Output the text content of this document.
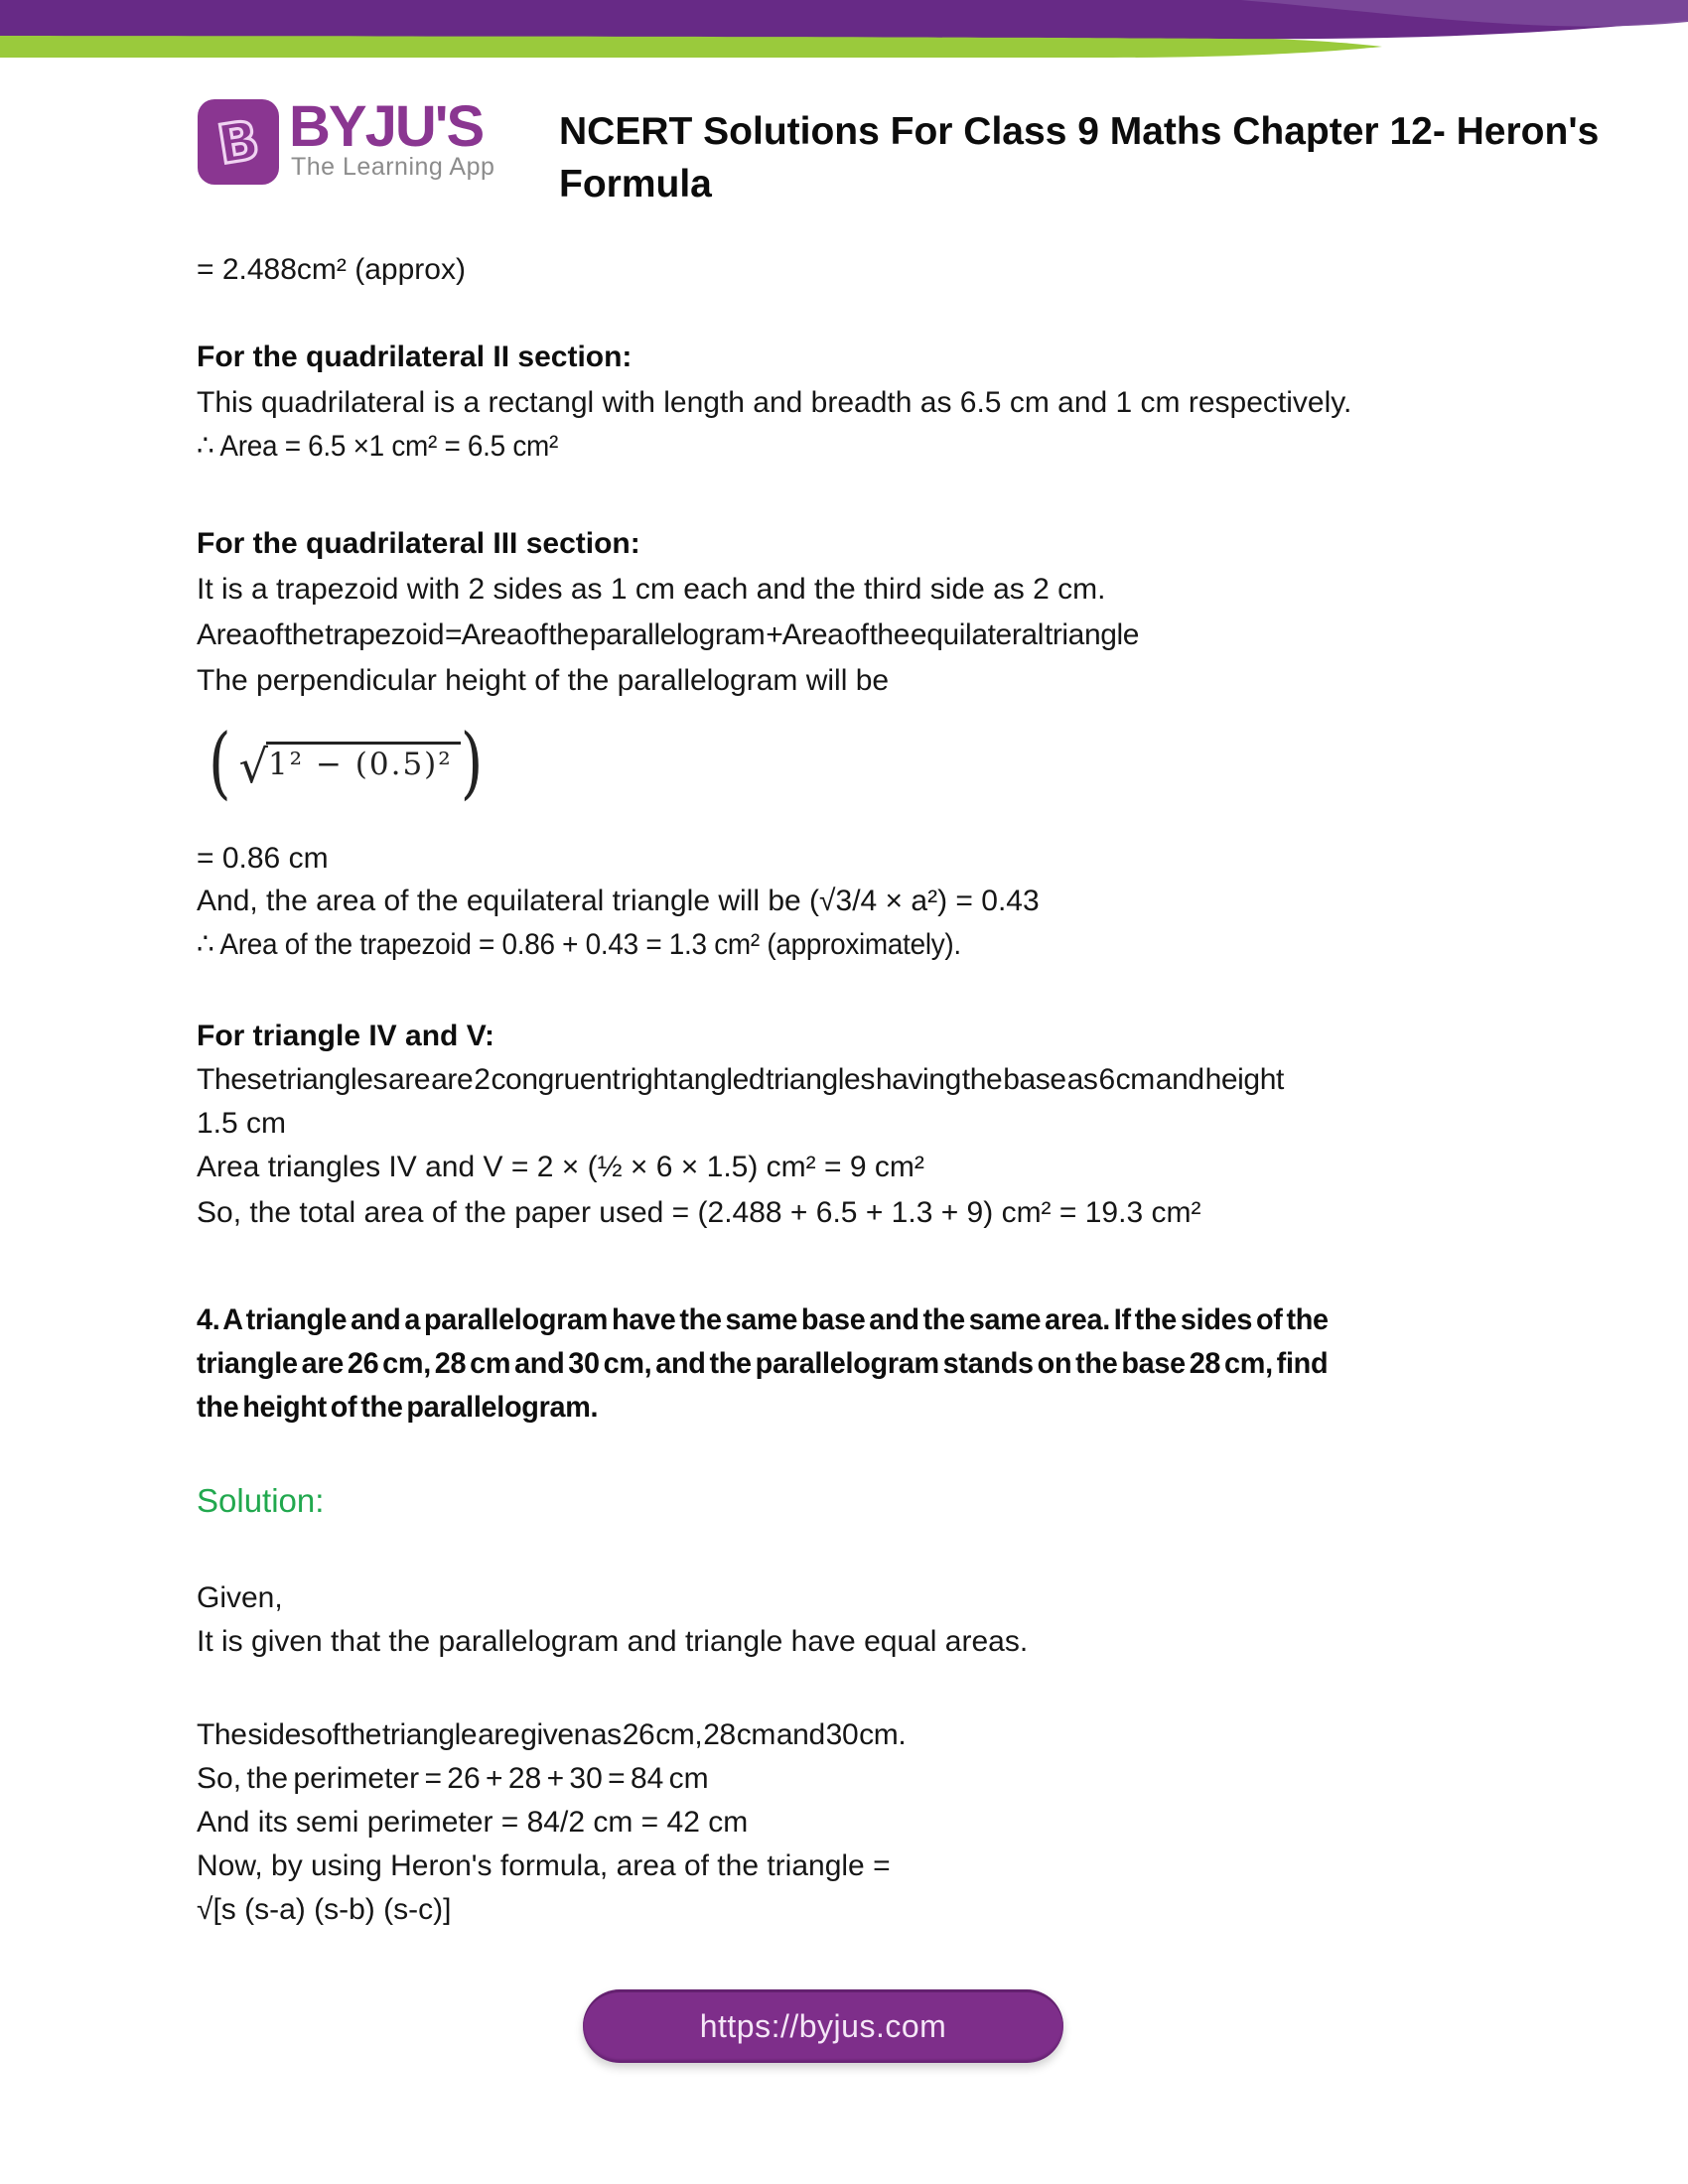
B BYJU'S
The Learning App
NCERT Solutions For Class 9 Maths Chapter 12- Heron's
Formula
= 2.488cm² (approx)
For the quadrilateral II section:
This quadrilateral is a rectangl with length and breadth as 6.5 cm and 1 cm respectively.
∴ Area = 6.5 ×1 cm² = 6.5 cm²
For the quadrilateral III section:
It is a trapezoid with 2 sides as 1 cm each and the third side as 2 cm.
Area of the trapezoid = Area of the parallelogram + Area of the equilateral triangle
The perpendicular height of the parallelogram will be
( √ 1² − (0.5)² )
= 0.86 cm
And, the area of the equilateral triangle will be (√3/4 × a²) = 0.43
∴ Area of the trapezoid = 0.86 + 0.43 = 1.3 cm² (approximately).
For triangle IV and V:
These triangles are are 2 congruent right angled triangles having the base as 6 cm and height
1.5 cm
Area triangles IV and V = 2 × (½ × 6 × 1.5) cm² = 9 cm²
So, the total area of the paper used = (2.488 + 6.5 + 1.3 + 9) cm² = 19.3 cm²
4. A triangle and a parallelogram have the same base and the same area. If the sides of the
triangle are 26 cm, 28 cm and 30 cm, and the parallelogram stands on the base 28 cm, find
the height of the parallelogram.
Solution:
Given,
It is given that the parallelogram and triangle have equal areas.
The sides of the triangle are given as 26 cm, 28 cm and 30 cm.
So, the perimeter = 26 + 28 + 30 = 84 cm
And its semi perimeter = 84/2 cm = 42 cm
Now, by using Heron's formula, area of the triangle =
√[s (s-a) (s-b) (s-c)]
https://byjus.com
